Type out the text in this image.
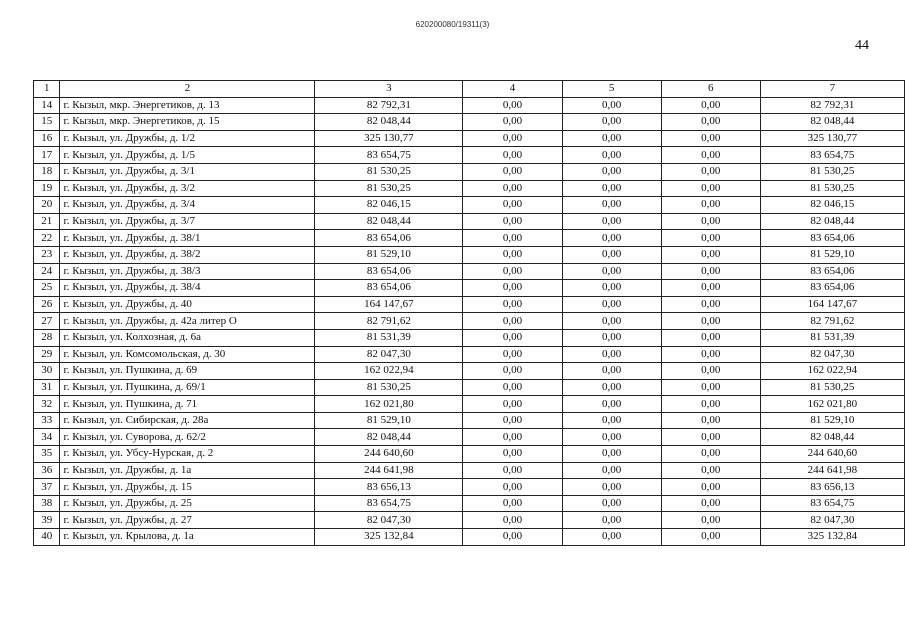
620200080/19311(3)
44
1	2	3	4	5	6	7
14	г. Кызыл, мкр. Энергетиков, д. 13	82 792,31	0,00	0,00	0,00	82 792,31
15	г. Кызыл, мкр. Энергетиков, д. 15	82 048,44	0,00	0,00	0,00	82 048,44
16	г. Кызыл, ул. Дружбы, д. 1/2	325 130,77	0,00	0,00	0,00	325 130,77
17	г. Кызыл, ул. Дружбы, д. 1/5	83 654,75	0,00	0,00	0,00	83 654,75
18	г. Кызыл, ул. Дружбы, д. 3/1	81 530,25	0,00	0,00	0,00	81 530,25
19	г. Кызыл, ул. Дружбы, д. 3/2	81 530,25	0,00	0,00	0,00	81 530,25
20	г. Кызыл, ул. Дружбы, д. 3/4	82 046,15	0,00	0,00	0,00	82 046,15
21	г. Кызыл, ул. Дружбы, д. 3/7	82 048,44	0,00	0,00	0,00	82 048,44
22	г. Кызыл, ул. Дружбы, д. 38/1	83 654,06	0,00	0,00	0,00	83 654,06
23	г. Кызыл, ул. Дружбы, д. 38/2	81 529,10	0,00	0,00	0,00	81 529,10
24	г. Кызыл, ул. Дружбы, д. 38/3	83 654,06	0,00	0,00	0,00	83 654,06
25	г. Кызыл, ул. Дружбы, д. 38/4	83 654,06	0,00	0,00	0,00	83 654,06
26	г. Кызыл, ул. Дружбы, д. 40	164 147,67	0,00	0,00	0,00	164 147,67
27	г. Кызыл, ул. Дружбы, д. 42а литер О	82 791,62	0,00	0,00	0,00	82 791,62
28	г. Кызыл, ул. Колхозная, д. 6а	81 531,39	0,00	0,00	0,00	81 531,39
29	г. Кызыл, ул. Комсомольская, д. 30	82 047,30	0,00	0,00	0,00	82 047,30
30	г. Кызыл, ул. Пушкина, д. 69	162 022,94	0,00	0,00	0,00	162 022,94
31	г. Кызыл, ул. Пушкина, д. 69/1	81 530,25	0,00	0,00	0,00	81 530,25
32	г. Кызыл, ул. Пушкина, д. 71	162 021,80	0,00	0,00	0,00	162 021,80
33	г. Кызыл, ул. Сибирская, д. 28а	81 529,10	0,00	0,00	0,00	81 529,10
34	г. Кызыл, ул. Суворова, д. 62/2	82 048,44	0,00	0,00	0,00	82 048,44
35	г. Кызыл, ул. Убсу-Нурская, д. 2	244 640,60	0,00	0,00	0,00	244 640,60
36	г. Кызыл, ул. Дружбы, д. 1а	244 641,98	0,00	0,00	0,00	244 641,98
37	г. Кызыл, ул. Дружбы, д. 15	83 656,13	0,00	0,00	0,00	83 656,13
38	г. Кызыл, ул. Дружбы, д. 25	83 654,75	0,00	0,00	0,00	83 654,75
39	г. Кызыл, ул. Дружбы, д. 27	82 047,30	0,00	0,00	0,00	82 047,30
40	г. Кызыл, ул. Крылова, д. 1а	325 132,84	0,00	0,00	0,00	325 132,84
